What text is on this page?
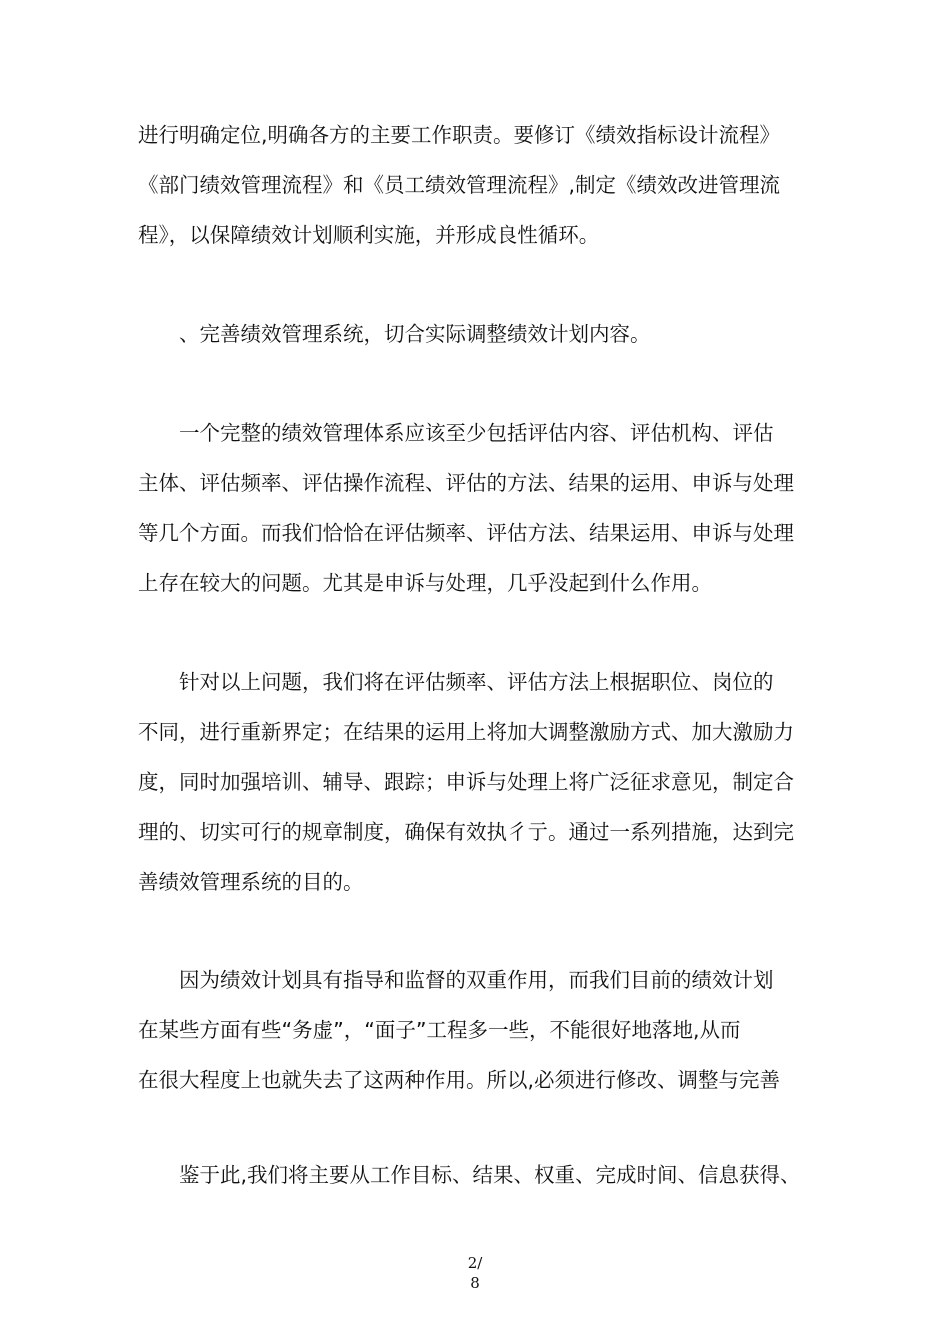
进行明确定位,明确各方的主要工作职责。要修订《绩效指标设计流程》
《部门绩效管理流程》和《员工绩效管理流程》,制定《绩效改进管理流
程》，以保障绩效计划顺利实施，并形成良性循环。
　　、完善绩效管理系统，切合实际调整绩效计划内容。
　　一个完整的绩效管理体系应该至少包括评估内容、评估机构、评估
主体、评估频率、评估操作流程、评估的方法、结果的运用、申诉与处理
等几个方面。而我们恰恰在评估频率、评估方法、结果运用、申诉与处理
上存在较大的问题。尤其是申诉与处理，几乎没起到什么作用。
　　针对以上问题，我们将在评估频率、评估方法上根据职位、岗位的
不同，进行重新界定；在结果的运用上将加大调整激励方式、加大激励力
度，同时加强培训、辅导、跟踪；申诉与处理上将广泛征求意见，制定合
理的、切实可行的规章制度，确保有效执彳亍。通过一系列措施，达到完
善绩效管理系统的目的。
　　因为绩效计划具有指导和监督的双重作用，而我们目前的绩效计划
在某些方面有些“务虚”，“面子”工程多一些，不能很好地落地,从而
在很大程度上也就失去了这两种作用。所以,必须进行修改、调整与完善
　　鉴于此,我们将主要从工作目标、结果、权重、完成时间、信息获得、
2/
8
